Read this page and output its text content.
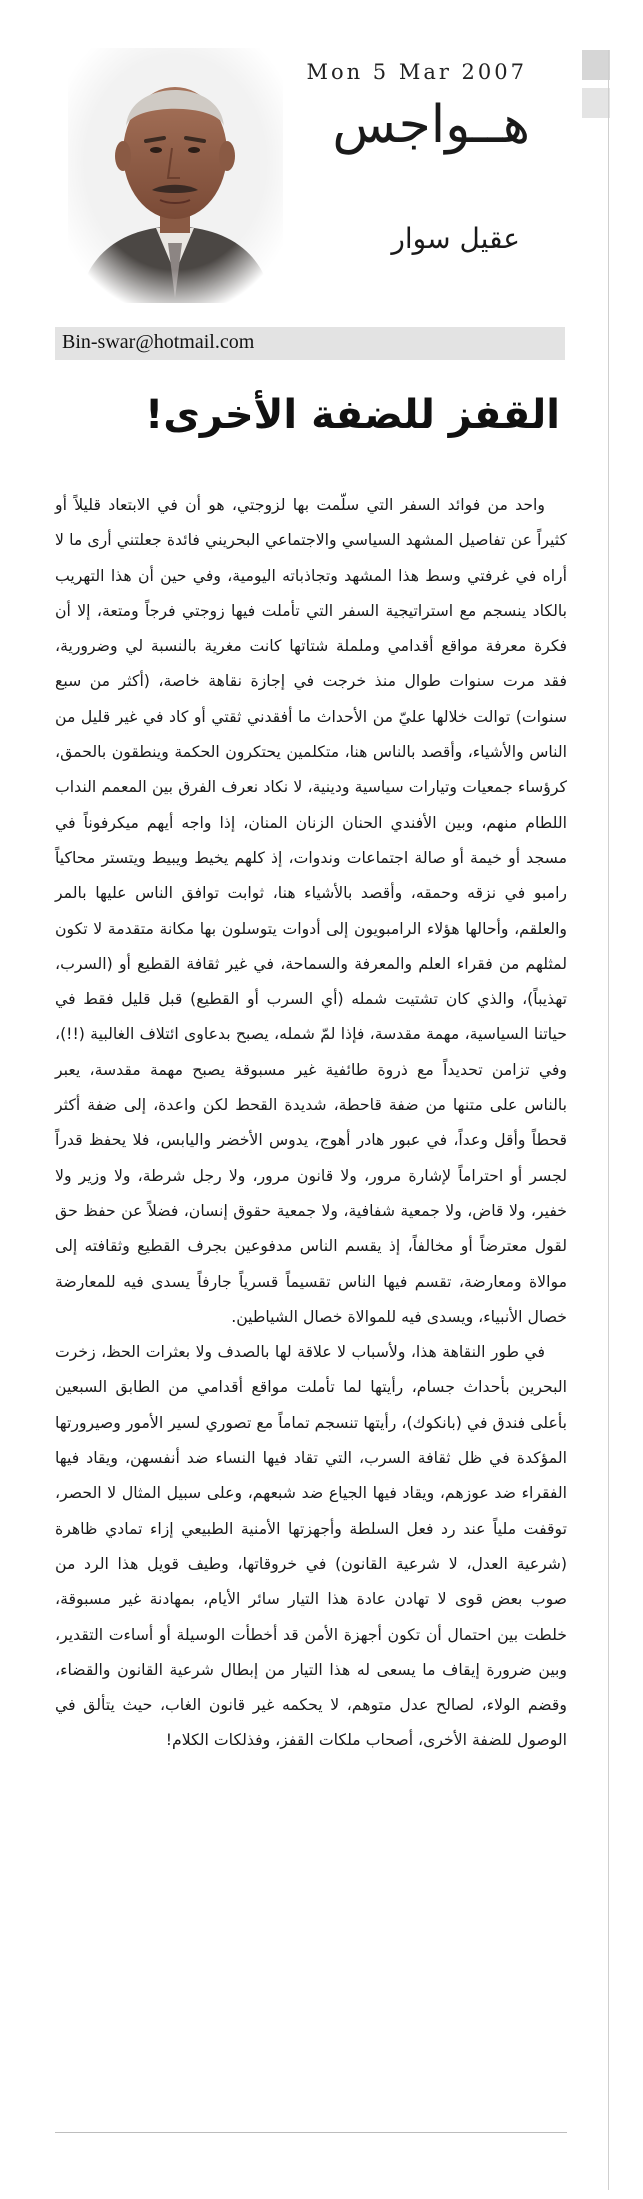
Mon 5 Mar 2007
هــواجس
عقيل سوار
Bin-swar@hotmail.com
القفز للضفة الأخرى!

واحد من فوائد السفر التي سلّمت بها لزوجتي، هو أن في الابتعاد قليلاً أو كثيراً عن تفاصيل المشهد السياسي والاجتماعي البحريني فائدة جعلتني أرى ما لا أراه في غرفتي وسط هذا المشهد وتجاذباته اليومية، وفي حين أن هذا التهريب بالكاد ينسجم مع استراتيجية السفر التي تأملت فيها زوجتي فرجاً ومتعة، إلا أن فكرة معرفة مواقع أقدامي وململة شتاتها كانت مغرية بالنسبة لي وضرورية، فقد مرت سنوات طوال منذ خرجت في إجازة نقاهة خاصة، (أكثر من سبع سنوات) توالت خلالها عليّ من الأحداث ما أفقدني ثقتي أو كاد في غير قليل من الناس والأشياء، وأقصد بالناس هنا، متكلمين يحتكرون الحكمة وينطقون بالحمق، كرؤساء جمعيات وتيارات سياسية ودينية، لا نكاد نعرف الفرق بين المعمم النداب اللطام منهم، وبين الأفندي الحنان الزنان المنان، إذا واجه أيهم ميكرفوناً في مسجد أو خيمة أو صالة اجتماعات وندوات، إذ كلهم يخيط ويبيط ويتستر محاكياً رامبو في نزقه وحمقه، وأقصد بالأشياء هنا، ثوابت توافق الناس عليها بالمر والعلقم، وأحالها هؤلاء الرامبويون إلى أدوات يتوسلون بها مكانة متقدمة لا تكون لمثلهم من فقراء العلم والمعرفة والسماحة، في غير ثقافة القطيع أو (السرب، تهذيباً)، والذي كان تشتيت شمله (أي السرب أو القطيع) قبل قليل فقط في حياتنا السياسية، مهمة مقدسة، فإذا لمّ شمله، يصبح بدعاوى ائتلاف الغالبية (!!)، وفي تزامن تحديداً مع ذروة طائفية غير مسبوقة يصبح مهمة مقدسة، يعبر بالناس على متنها من ضفة قاحطة، شديدة القحط لكن واعدة، إلى ضفة أكثر قحطاً وأقل وعداً، في عبور هادر أهوج، يدوس الأخضر واليابس، فلا يحفظ قدراً لجسر أو احتراماً لإشارة مرور، ولا قانون مرور، ولا رجل شرطة، ولا وزير ولا خفير، ولا قاض، ولا جمعية شفافية، ولا جمعية حقوق إنسان، فضلاً عن حفظ حق لقول معترضاً أو مخالفاً، إذ يقسم الناس مدفوعين بجرف القطيع وثقافته إلى موالاة ومعارضة، تقسم فيها الناس تقسيماً قسرياً جارفاً يسدى فيه للمعارضة خصال الأنبياء، ويسدى فيه للموالاة خصال الشياطين.

في طور النقاهة هذا، ولأسباب لا علاقة لها بالصدف ولا بعثرات الحظ، زخرت البحرين بأحداث جسام، رأيتها لما تأملت مواقع أقدامي من الطابق السبعين بأعلى فندق في (بانكوك)، رأيتها تنسجم تماماً مع تصوري لسير الأمور وصيرورتها المؤكدة في ظل ثقافة السرب، التي تقاد فيها النساء ضد أنفسهن، ويقاد فيها الفقراء ضد عوزهم، ويقاد فيها الجياع ضد شبعهم، وعلى سبيل المثال لا الحصر، توقفت ملياً عند رد فعل السلطة وأجهزتها الأمنية الطبيعي إزاء تمادي ظاهرة (شرعية العدل، لا شرعية القانون) في خروقاتها، وطيف قويل هذا الرد من صوب بعض قوى لا تهادن عادة هذا التيار سائر الأيام، بمهادنة غير مسبوقة، خلطت بين احتمال أن تكون أجهزة الأمن قد أخطأت الوسيلة أو أساءت التقدير، وبين ضرورة إيقاف ما يسعى له هذا التيار من إبطال شرعية القانون والقضاء، وقضم الولاء، لصالح عدل متوهم، لا يحكمه غير قانون الغاب، حيث يتألق في الوصول للضفة الأخرى، أصحاب ملكات القفز، وفذلكات الكلام!
